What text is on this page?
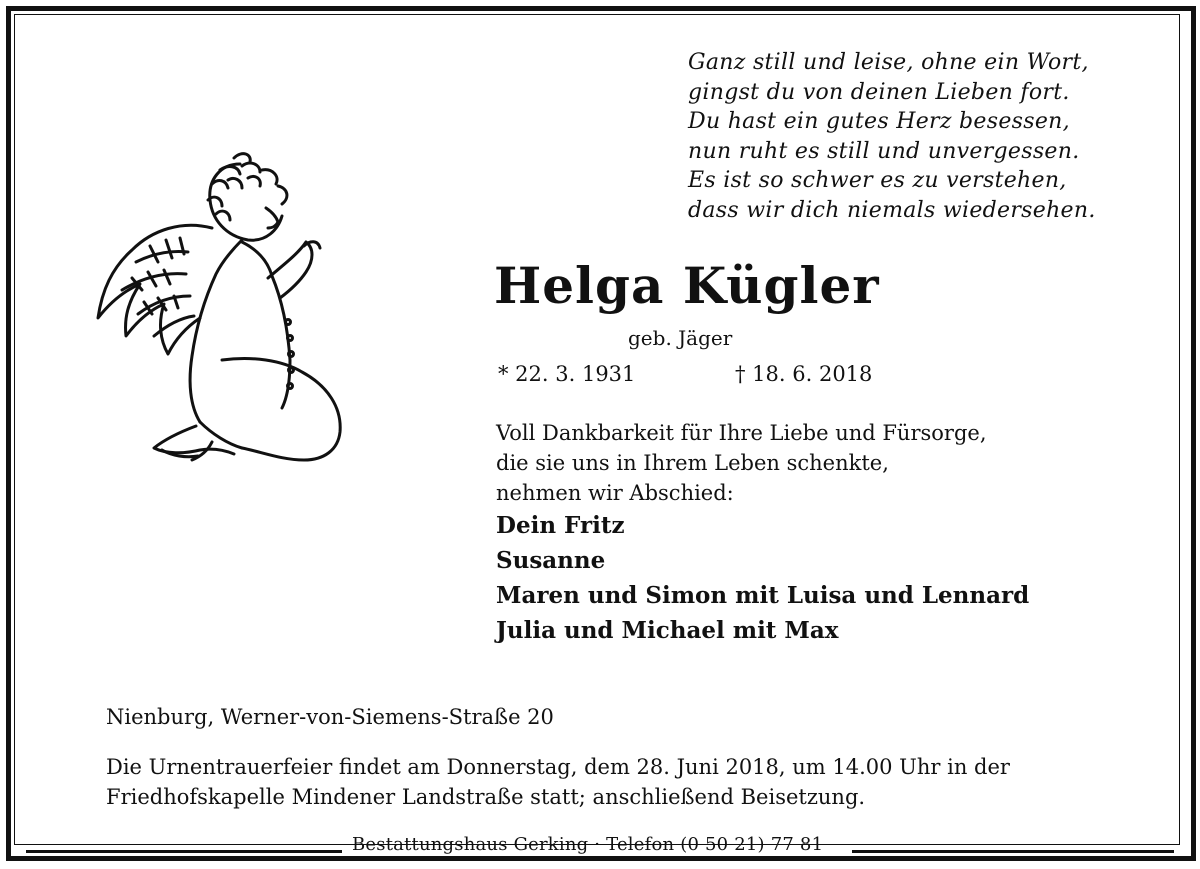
Ganz still und leise, ohne ein Wort,
gingst du von deinen Lieben fort.
Du hast ein gutes Herz besessen,
nun ruht es still und unvergessen.
Es ist so schwer es zu verstehen,
dass wir dich niemals wiedersehen.
Helga Kügler
geb. Jäger
* 22. 3. 1931	† 18. 6. 2018
Voll Dankbarkeit für Ihre Liebe und Fürsorge,
die sie uns in Ihrem Leben schenkte,
nehmen wir Abschied:
Dein Fritz
Susanne
Maren und Simon mit Luisa und Lennard
Julia und Michael mit Max
Nienburg, Werner-von-Siemens-Straße 20
Die Urnentrauerfeier findet am Donnerstag, dem 28. Juni 2018, um 14.00 Uhr in der
Friedhofskapelle Mindener Landstraße statt; anschließend Beisetzung.
Bestattungshaus Gerking · Telefon (0 50 21) 77 81
